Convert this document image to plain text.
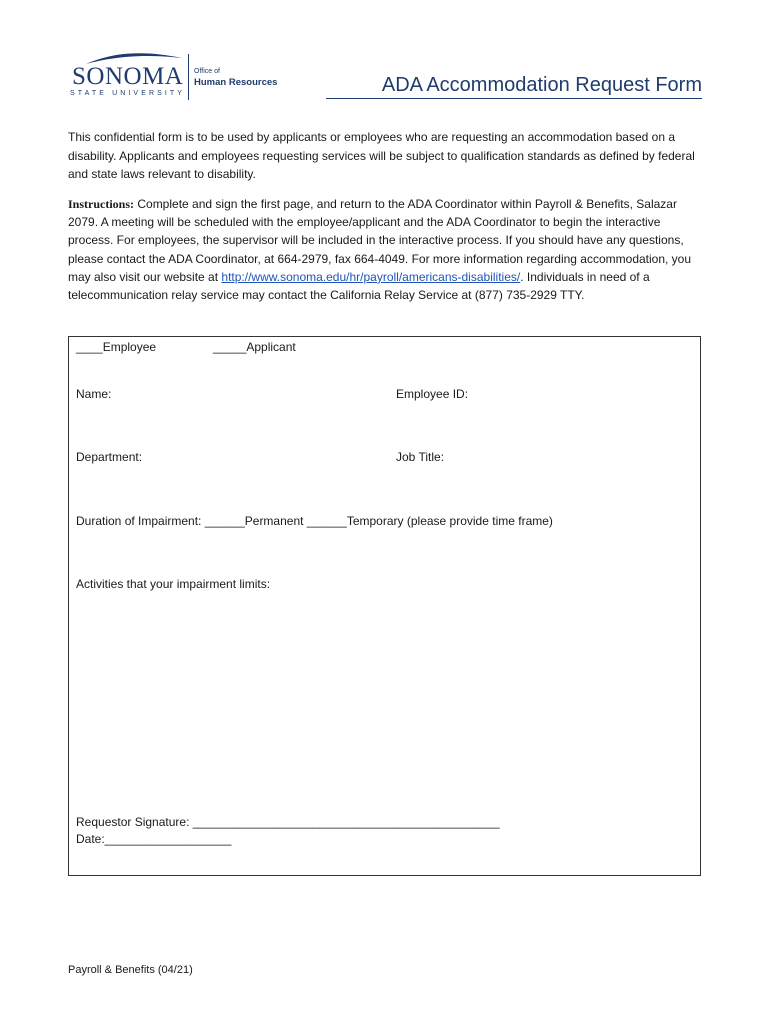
SONOMA
STATE UNIVERSITY
Office of
Human Resources	ADA Accommodation Request Form
This confidential form is to be used by applicants or employees who are requesting an accommodation based on a disability. Applicants and employees requesting services will be subject to qualification standards as defined by federal and state laws relevant to disability.
Instructions: Complete and sign the first page, and return to the ADA Coordinator within Payroll & Benefits, Salazar 2079. A meeting will be scheduled with the employee/applicant and the ADA Coordinator to begin the interactive process. For employees, the supervisor will be included in the interactive process. If you should have any questions, please contact the ADA Coordinator, at 664-2979, fax 664-4049. For more information regarding accommodation, you may also visit our website at http://www.sonoma.edu/hr/payroll/americans-disabilities/. Individuals in need of a telecommunication relay service may contact the California Relay Service at (877) 735-2929 TTY.
____Employee	_____Applicant
Name:	Employee ID:
Department:	Job Title:
Duration of Impairment: ______Permanent ______Temporary (please provide time frame)
Activities that your impairment limits:
Requestor Signature: ______________________________________________
Date:___________________
Payroll & Benefits (04/21)
